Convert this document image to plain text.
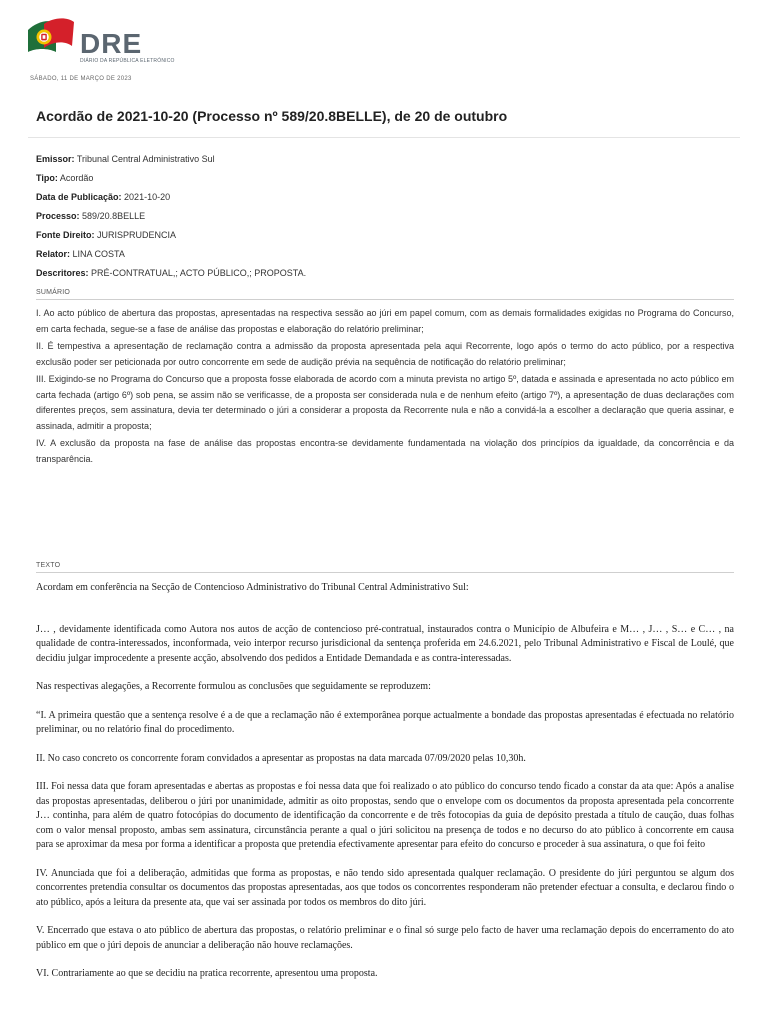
DRE
DIÁRIO DA REPÚBLICA ELETRÓNICO
SÁBADO, 11 DE MARÇO DE 2023
Acordão de 2021-10-20 (Processo nº 589/20.8BELLE), de 20 de outubro
Emissor: Tribunal Central Administrativo Sul
Tipo: Acordão
Data de Publicação: 2021-10-20
Processo: 589/20.8BELLE
Fonte Direito: JURISPRUDENCIA
Relator: LINA COSTA
Descritores: PRÉ-CONTRATUAL,; ACTO PÚBLICO,; PROPOSTA.
SUMÁRIO

I. Ao acto público de abertura das propostas, apresentadas na respectiva sessão ao júri em papel comum, com as demais formalidades exigidas no Programa do Concurso, em carta fechada, segue-se a fase de análise das propostas e elaboração do relatório preliminar;

II. É tempestiva a apresentação de reclamação contra a admissão da proposta apresentada pela aqui Recorrente, logo após o termo do acto público, por a respectiva exclusão poder ser peticionada por outro concorrente em sede de audição prévia na sequência de notificação do relatório preliminar;

III. Exigindo-se no Programa do Concurso que a proposta fosse elaborada de acordo com a minuta prevista no artigo 5º, datada e assinada e apresentada no acto público em carta fechada (artigo 6º) sob pena, se assim não se verificasse, de a proposta ser considerada nula e de nenhum efeito (artigo 7º), a apresentação de duas declarações com diferentes preços, sem assinatura, devia ter determinado o júri a considerar a proposta da Recorrente nula e não a convidá-la a escolher a declaração que queria assinar, e assinada, admitir a proposta;

IV. A exclusão da proposta na fase de análise das propostas encontra-se devidamente fundamentada na violação dos princípios da igualdade, da concorrência e da transparência.

TEXTO

Acordam em conferência na Secção de Contencioso Administrativo do Tribunal Central Administrativo Sul:

J… , devidamente identificada como Autora nos autos de acção de contencioso pré-contratual, instaurados contra o Município de Albufeira e M… , J… , S… e C… , na qualidade de contra-interessados, inconformada, veio interpor recurso jurisdicional da sentença proferida em 24.6.2021, pelo Tribunal Administrativo e Fiscal de Loulé, que decidiu julgar improcedente a presente acção, absolvendo dos pedidos a Entidade Demandada e as contra-interessadas.

Nas respectivas alegações, a Recorrente formulou as conclusões que seguidamente se reproduzem:

“I. A primeira questão que a sentença resolve é a de que a reclamação não é extemporânea porque actualmente a bondade das propostas apresentadas é efectuada no relatório preliminar, ou no relatório final do procedimento.

II. No caso concreto os concorrente foram convidados a apresentar as propostas na data marcada 07/09/2020 pelas 10,30h.

III. Foi nessa data que foram apresentadas e abertas as propostas e foi nessa data que foi realizado o ato público do concurso tendo ficado a constar da ata que: Após a analise das propostas apresentadas, deliberou o júri por unanimidade, admitir as oito propostas, sendo que o envelope com os documentos da proposta apresentada pela concorrente J… continha, para além de quatro fotocópias do documento de identificação da concorrente e de três fotocopias da guia de depósito prestada a título de caução, duas folhas com o valor mensal proposto, ambas sem assinatura, circunstância perante a qual o júri solicitou na presença de todos e no decurso do ato público à concorrente em causa para se aproximar da mesa por forma a identificar a proposta que pretendia efectivamente apresentar para efeito do concurso e proceder à sua assinatura, o que foi feito

IV. Anunciada que foi a deliberação, admitidas que forma as propostas, e não tendo sido apresentada qualquer reclamação. O presidente do júri perguntou se algum dos concorrentes pretendia consultar os documentos das propostas apresentadas, aos que todos os concorrentes responderam não pretender efectuar a consulta, e declarou findo o ato público, após a leitura da presente ata, que vai ser assinada por todos os membros do dito júri.

V. Encerrado que estava o ato público de abertura das propostas, o relatório preliminar e o final só surge pelo facto de haver uma reclamação depois do encerramento do ato público em que o júri depois de anunciar a deliberação não houve reclamações.

VI. Contrariamente ao que se decidiu na pratica recorrente, apresentou uma proposta.
